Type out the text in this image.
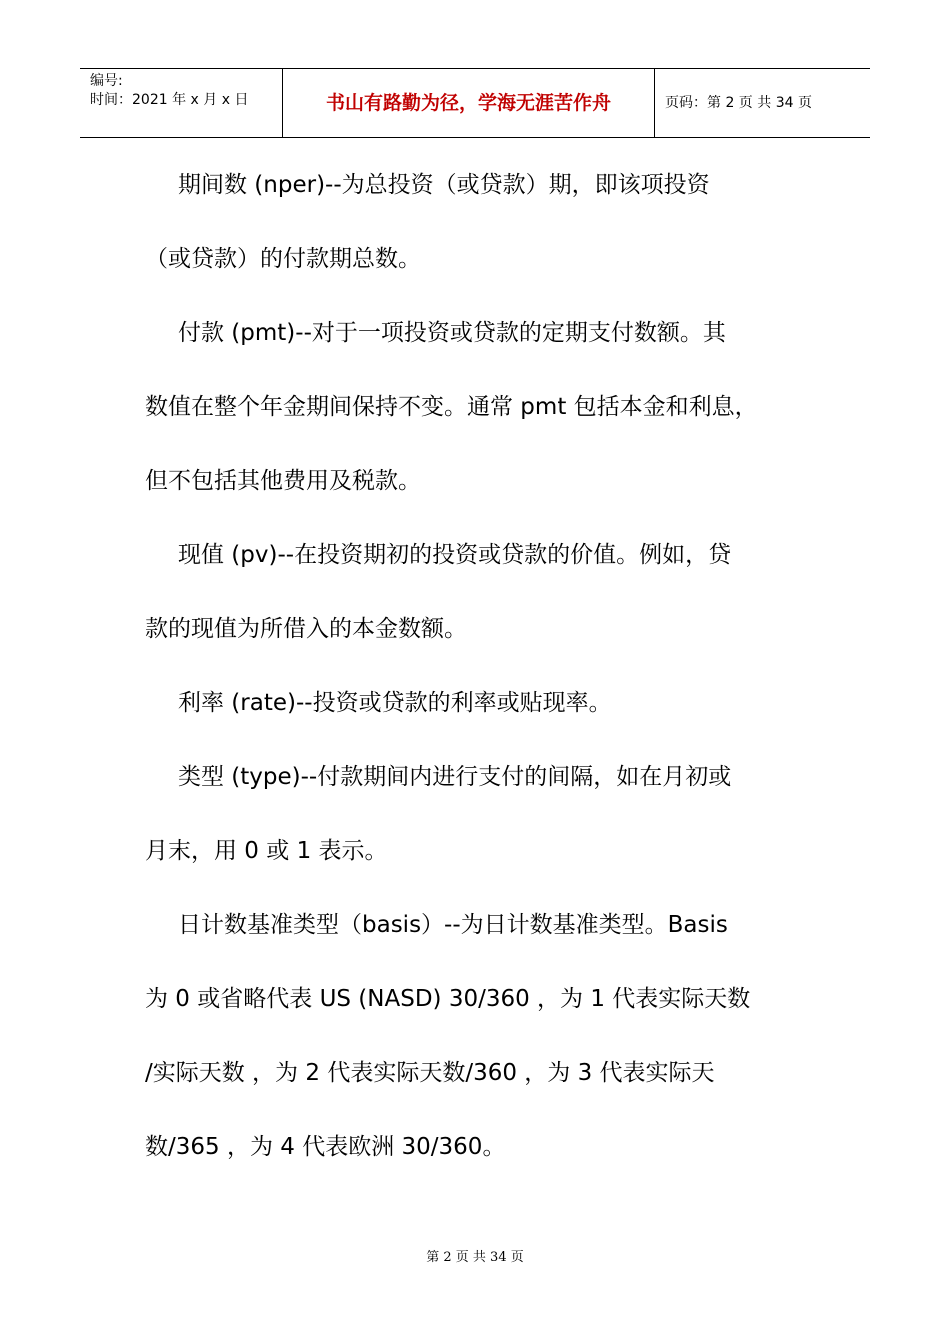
编号:
时间：2021 年 x 月 x 日	书山有路勤为径，学海无涯苦作舟	页码：第 2 页 共 34 页
期间数 (nper)--为总投资（或贷款）期，即该项投资
（或贷款）的付款期总数。
付款 (pmt)--对于一项投资或贷款的定期支付数额。其
数值在整个年金期间保持不变。通常 pmt 包括本金和利息，
但不包括其他费用及税款。
现值 (pv)--在投资期初的投资或贷款的价值。例如，贷
款的现值为所借入的本金数额。
利率 (rate)--投资或贷款的利率或贴现率。
类型 (type)--付款期间内进行支付的间隔，如在月初或
月末，用 0 或 1 表示。
日计数基准类型（basis）--为日计数基准类型。Basis
为 0 或省略代表 US (NASD) 30/360 ，为 1 代表实际天数
/实际天数 ，为 2 代表实际天数/360 ，为 3 代表实际天
数/365 ，为 4 代表欧洲 30/360。
第 2 页 共 34 页
